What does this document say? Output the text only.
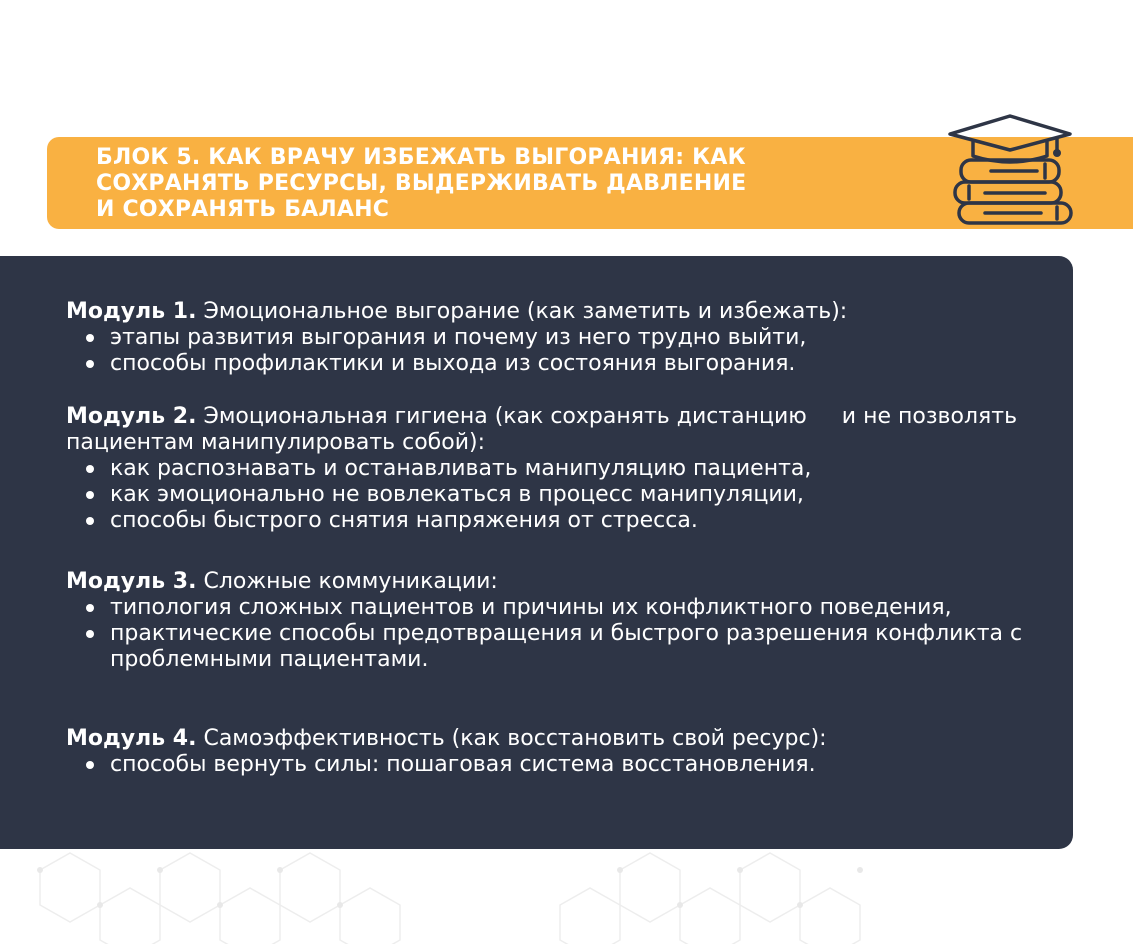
БЛОК 5. КАК ВРАЧУ ИЗБЕЖАТЬ ВЫГОРАНИЯ: КАК
СОХРАНЯТЬ РЕСУРСЫ, ВЫДЕРЖИВАТЬ ДАВЛЕНИЕ
И СОХРАНЯТЬ БАЛАНС

Модуль 1. Эмоциональное выгорание (как заметить и избежать):

этапы развития выгорания и почему из него трудно выйти,
способы профилактики и выхода из состояния выгорания.

Модуль 2. Эмоциональная гигиена (как сохранять дистанцию     и не позволять пациентам манипулировать собой):

как распознавать и останавливать манипуляцию пациента,
как эмоционально не вовлекаться в процесс манипуляции,
способы быстрого снятия напряжения от стресса.

Модуль 3. Сложные коммуникации:

типология сложных пациентов и причины их конфликтного поведения,
практические способы предотвращения и быстрого разрешения конфликта с проблемными пациентами.

Модуль 4. Самоэффективность (как восстановить свой ресурс):

способы вернуть силы: пошаговая система восстановления.
